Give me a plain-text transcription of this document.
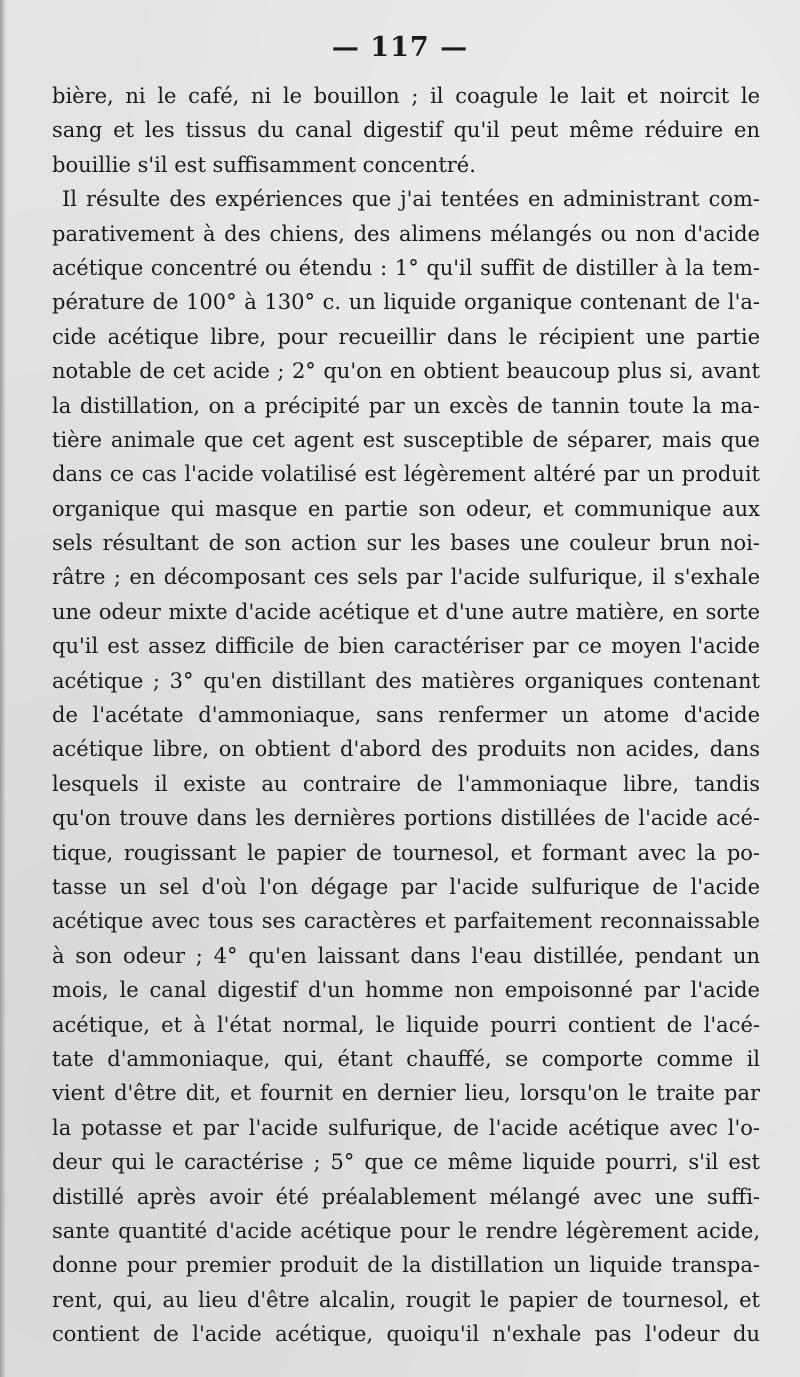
— 117 —
bière, ni le café, ni le bouillon ; il coagule le lait et noircit le
sang et les tissus du canal digestif qu'il peut même réduire en
bouillie s'il est suffisamment concentré.
Il résulte des expériences que j'ai tentées en administrant com-
parativement à des chiens, des alimens mélangés ou non d'acide
acétique concentré ou étendu : 1° qu'il suffit de distiller à la tem-
pérature de 100° à 130° c. un liquide organique contenant de l'a-
cide acétique libre, pour recueillir dans le récipient une partie
notable de cet acide ; 2° qu'on en obtient beaucoup plus si, avant
la distillation, on a précipité par un excès de tannin toute la ma-
tière animale que cet agent est susceptible de séparer, mais que
dans ce cas l'acide volatilisé est légèrement altéré par un produit
organique qui masque en partie son odeur, et communique aux
sels résultant de son action sur les bases une couleur brun noi-
râtre ; en décomposant ces sels par l'acide sulfurique, il s'exhale
une odeur mixte d'acide acétique et d'une autre matière, en sorte
qu'il est assez difficile de bien caractériser par ce moyen l'acide
acétique ; 3° qu'en distillant des matières organiques contenant
de l'acétate d'ammoniaque, sans renfermer un atome d'acide
acétique libre, on obtient d'abord des produits non acides, dans
lesquels il existe au contraire de l'ammoniaque libre, tandis
qu'on trouve dans les dernières portions distillées de l'acide acé-
tique, rougissant le papier de tournesol, et formant avec la po-
tasse un sel d'où l'on dégage par l'acide sulfurique de l'acide
acétique avec tous ses caractères et parfaitement reconnaissable
à son odeur ; 4° qu'en laissant dans l'eau distillée, pendant un
mois, le canal digestif d'un homme non empoisonné par l'acide
acétique, et à l'état normal, le liquide pourri contient de l'acé-
tate d'ammoniaque, qui, étant chauffé, se comporte comme il
vient d'être dit, et fournit en dernier lieu, lorsqu'on le traite par
la potasse et par l'acide sulfurique, de l'acide acétique avec l'o-
deur qui le caractérise ; 5° que ce même liquide pourri, s'il est
distillé après avoir été préalablement mélangé avec une suffi-
sante quantité d'acide acétique pour le rendre légèrement acide,
donne pour premier produit de la distillation un liquide transpa-
rent, qui, au lieu d'être alcalin, rougit le papier de tournesol, et
contient de l'acide acétique, quoiqu'il n'exhale pas l'odeur du
